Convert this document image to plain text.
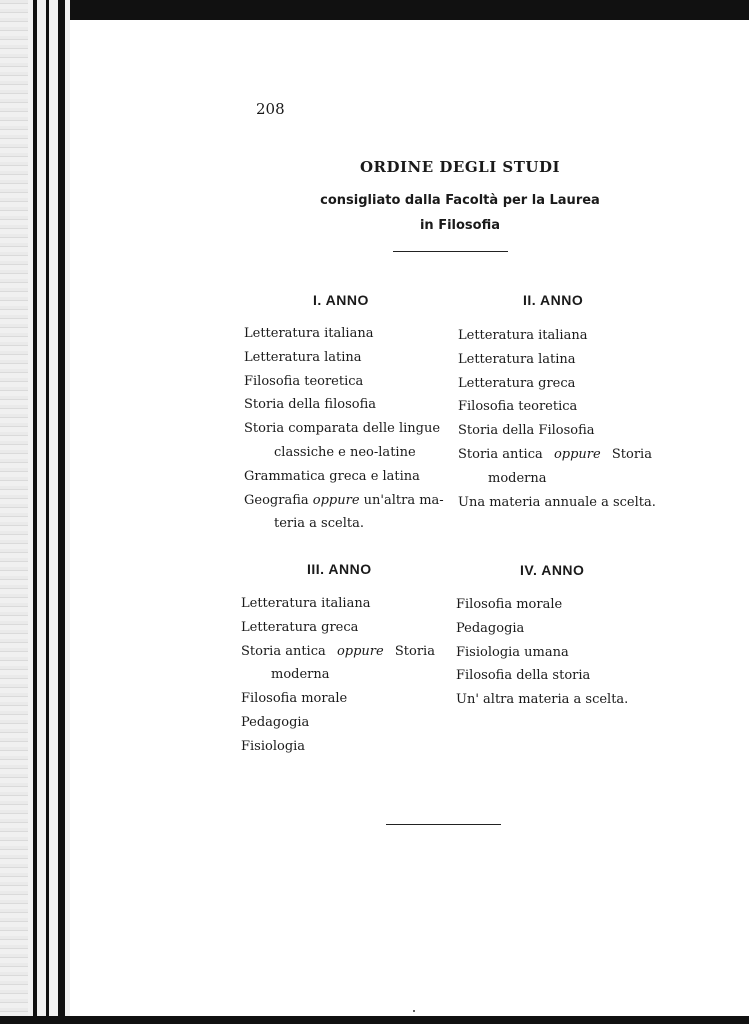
208
ORDINE DEGLI STUDI
consigliato dalla Facoltà per la Laurea
in Filosofia
I. ANNO
Letteratura italiana
Letteratura latina
Filosofia teoretica
Storia della filosofia
Storia comparata delle lingue
classiche e neo-latine
Grammatica greca e latina
Geografia oppure un'altra ma-
teria a scelta.
II. ANNO
Letteratura italiana
Letteratura latina
Letteratura greca
Filosofia teoretica
Storia della Filosofia
Storia antica oppure Storia
moderna
Una materia annuale a scelta.
III. ANNO
Letteratura italiana
Letteratura greca
Storia antica oppure Storia
moderna
Filosofia morale
Pedagogia
Fisiologia
IV. ANNO
Filosofia morale
Pedagogia
Fisiologia umana
Filosofia della storia
Un' altra materia a scelta.
